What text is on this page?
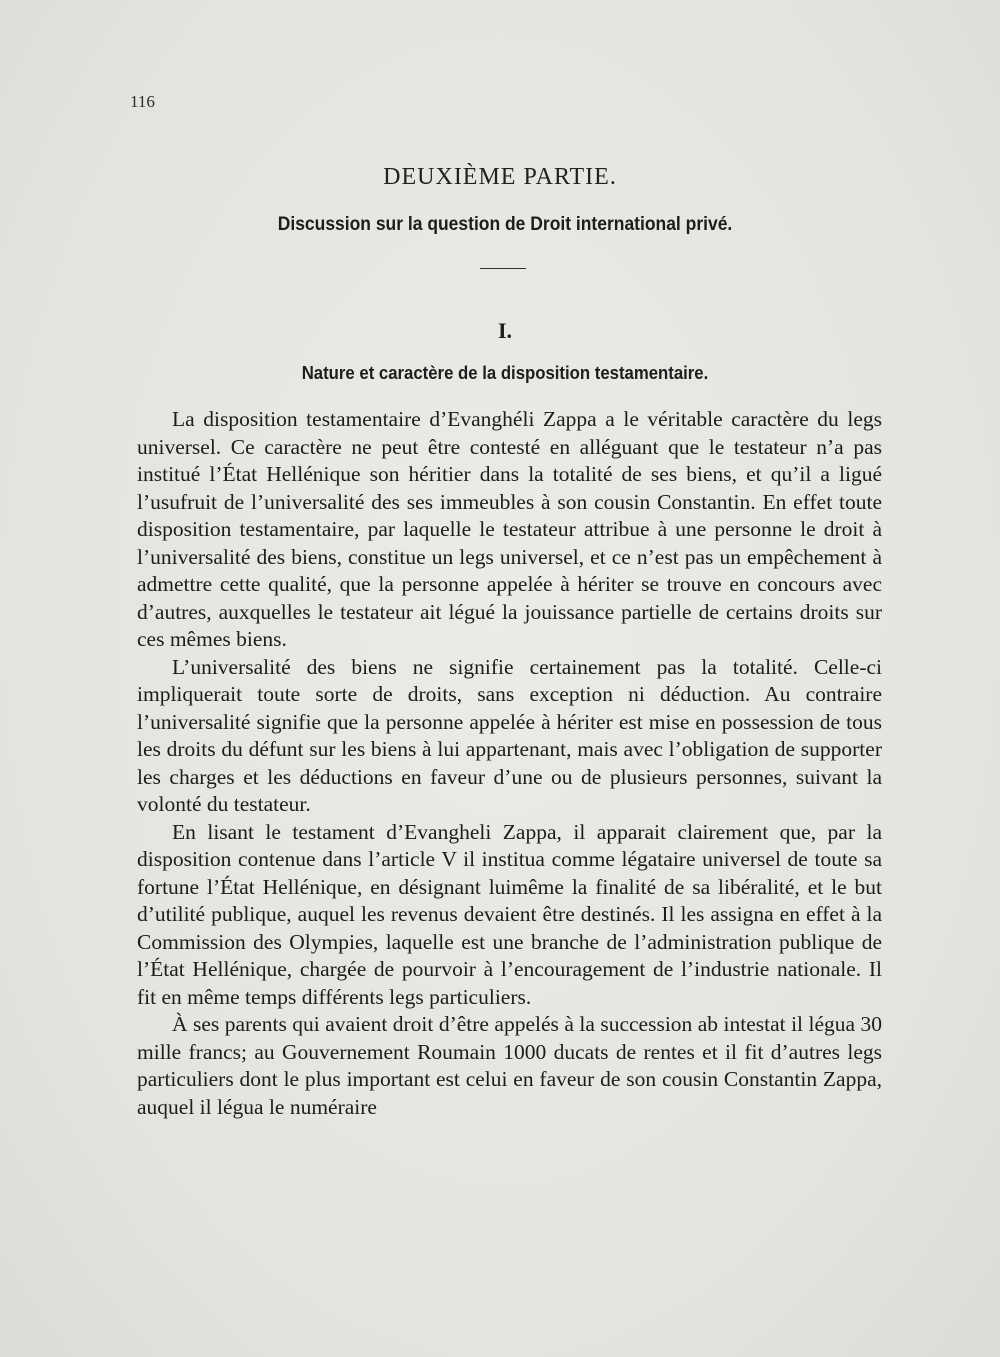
116
DEUXIÈME PARTIE.
Discussion sur la question de Droit international privé.
I.
Nature et caractère de la disposition testamentaire.

La disposition testamentaire d’Evanghéli Zappa a le véritable caractère du legs universel. Ce caractère ne peut être contesté en alléguant que le testateur n’a pas institué l’État Hellénique son héritier dans la totalité de ses biens, et qu’il a ligué l’usufruit de l’universalité des ses immeubles à son cousin Constantin. En effet toute disposition testamentaire, par laquelle le testateur attribue à une personne le droit à l’universalité des biens, constitue un legs universel, et ce n’est pas un empêchement à admettre cette qualité, que la personne appelée à hériter se trouve en concours avec d’autres, auxquelles le testateur ait légué la jouissance partielle de certains droits sur ces mêmes biens.

L’universalité des biens ne signifie certainement pas la totalité. Celle-ci impliquerait toute sorte de droits, sans exception ni déduction. Au contraire l’universalité signifie que la personne appelée à hériter est mise en possession de tous les droits du défunt sur les biens à lui appartenant, mais avec l’obligation de supporter les charges et les déductions en faveur d’une ou de plusieurs personnes, suivant la volonté du testateur.

En lisant le testament d’Evangheli Zappa, il apparait clairement que, par la disposition contenue dans l’article V il institua comme légataire universel de toute sa fortune l’État Hellénique, en désignant luimême la finalité de sa libéralité, et le but d’utilité publique, auquel les revenus devaient être destinés. Il les assigna en effet à la Commission des Olympies, laquelle est une branche de l’administration publique de l’État Hellénique, chargée de pourvoir à l’encouragement de l’industrie nationale. Il fit en même temps différents legs particuliers.

À ses parents qui avaient droit d’être appelés à la succession ab intestat il légua 30 mille francs; au Gouvernement Roumain 1000 ducats de rentes et il fit d’autres legs particuliers dont le plus important est celui en faveur de son cousin Constantin Zappa, auquel il légua le numéraire
